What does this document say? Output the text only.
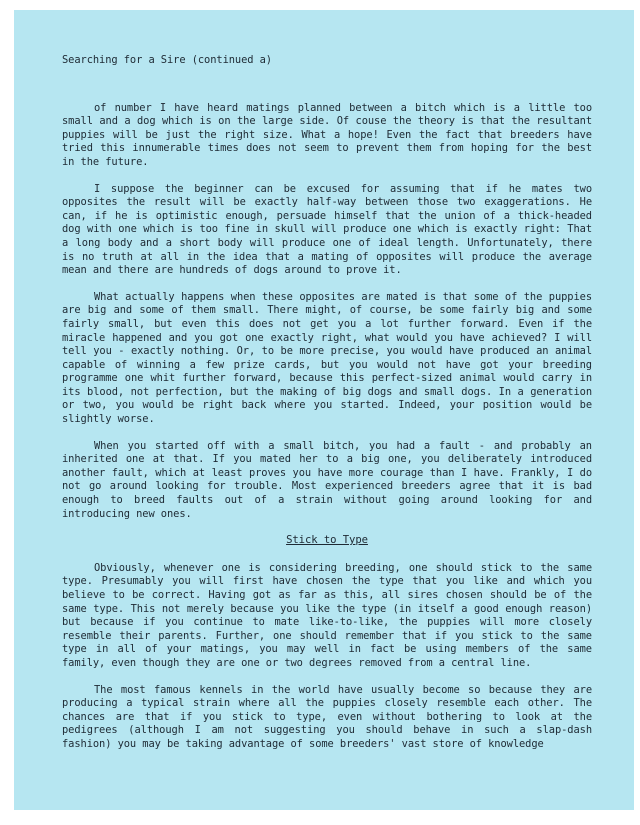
Searching for a Sire (continued a)

of number I have heard matings planned between a bitch which is a little too small and a dog which is on the large side. Of couse the theory is that the resultant puppies will be just the right size. What a hope! Even the fact that breeders have tried this innumerable times does not seem to prevent them from hoping for the best in the future.

I suppose the beginner can be excused for assuming that if he mates two opposites the result will be exactly half-way between those two exaggerations. He can, if he is optimistic enough, persuade himself that the union of a thick-headed dog with one which is too fine in skull will produce one which is exactly right: That a long body and a short body will produce one of ideal length. Unfortunately, there is no truth at all in the idea that a mating of opposites will produce the average mean and there are hundreds of dogs around to prove it.

What actually happens when these opposites are mated is that some of the puppies are big and some of them small. There might, of course, be some fairly big and some fairly small, but even this does not get you a lot further forward. Even if the miracle happened and you got one exactly right, what would you have achieved? I will tell you - exactly nothing. Or, to be more precise, you would have produced an animal capable of winning a few prize cards, but you would not have got your breeding programme one whit further forward, because this perfect-sized animal would carry in its blood, not perfection, but the making of big dogs and small dogs. In a generation or two, you would be right back where you started. Indeed, your position would be slightly worse.

When you started off with a small bitch, you had a fault - and probably an inherited one at that. If you mated her to a big one, you deliberately introduced another fault, which at least proves you have more courage than I have. Frankly, I do not go around looking for trouble. Most experienced breeders agree that it is bad enough to breed faults out of a strain without going around looking for and introducing new ones.

Stick to Type

Obviously, whenever one is considering breeding, one should stick to the same type. Presumably you will first have chosen the type that you like and which you believe to be correct. Having got as far as this, all sires chosen should be of the same type. This not merely because you like the type (in itself a good enough reason) but because if you continue to mate like-to-like, the puppies will more closely resemble their parents. Further, one should remember that if you stick to the same type in all of your matings, you may well in fact be using members of the same family, even though they are one or two degrees removed from a central line.

The most famous kennels in the world have usually become so because they are producing a typical strain where all the puppies closely resemble each other. The chances are that if you stick to type, even without bothering to look at the pedigrees (although I am not suggesting you should behave in such a slap-dash fashion) you may be taking advantage of some breeders' vast store of knowledge
